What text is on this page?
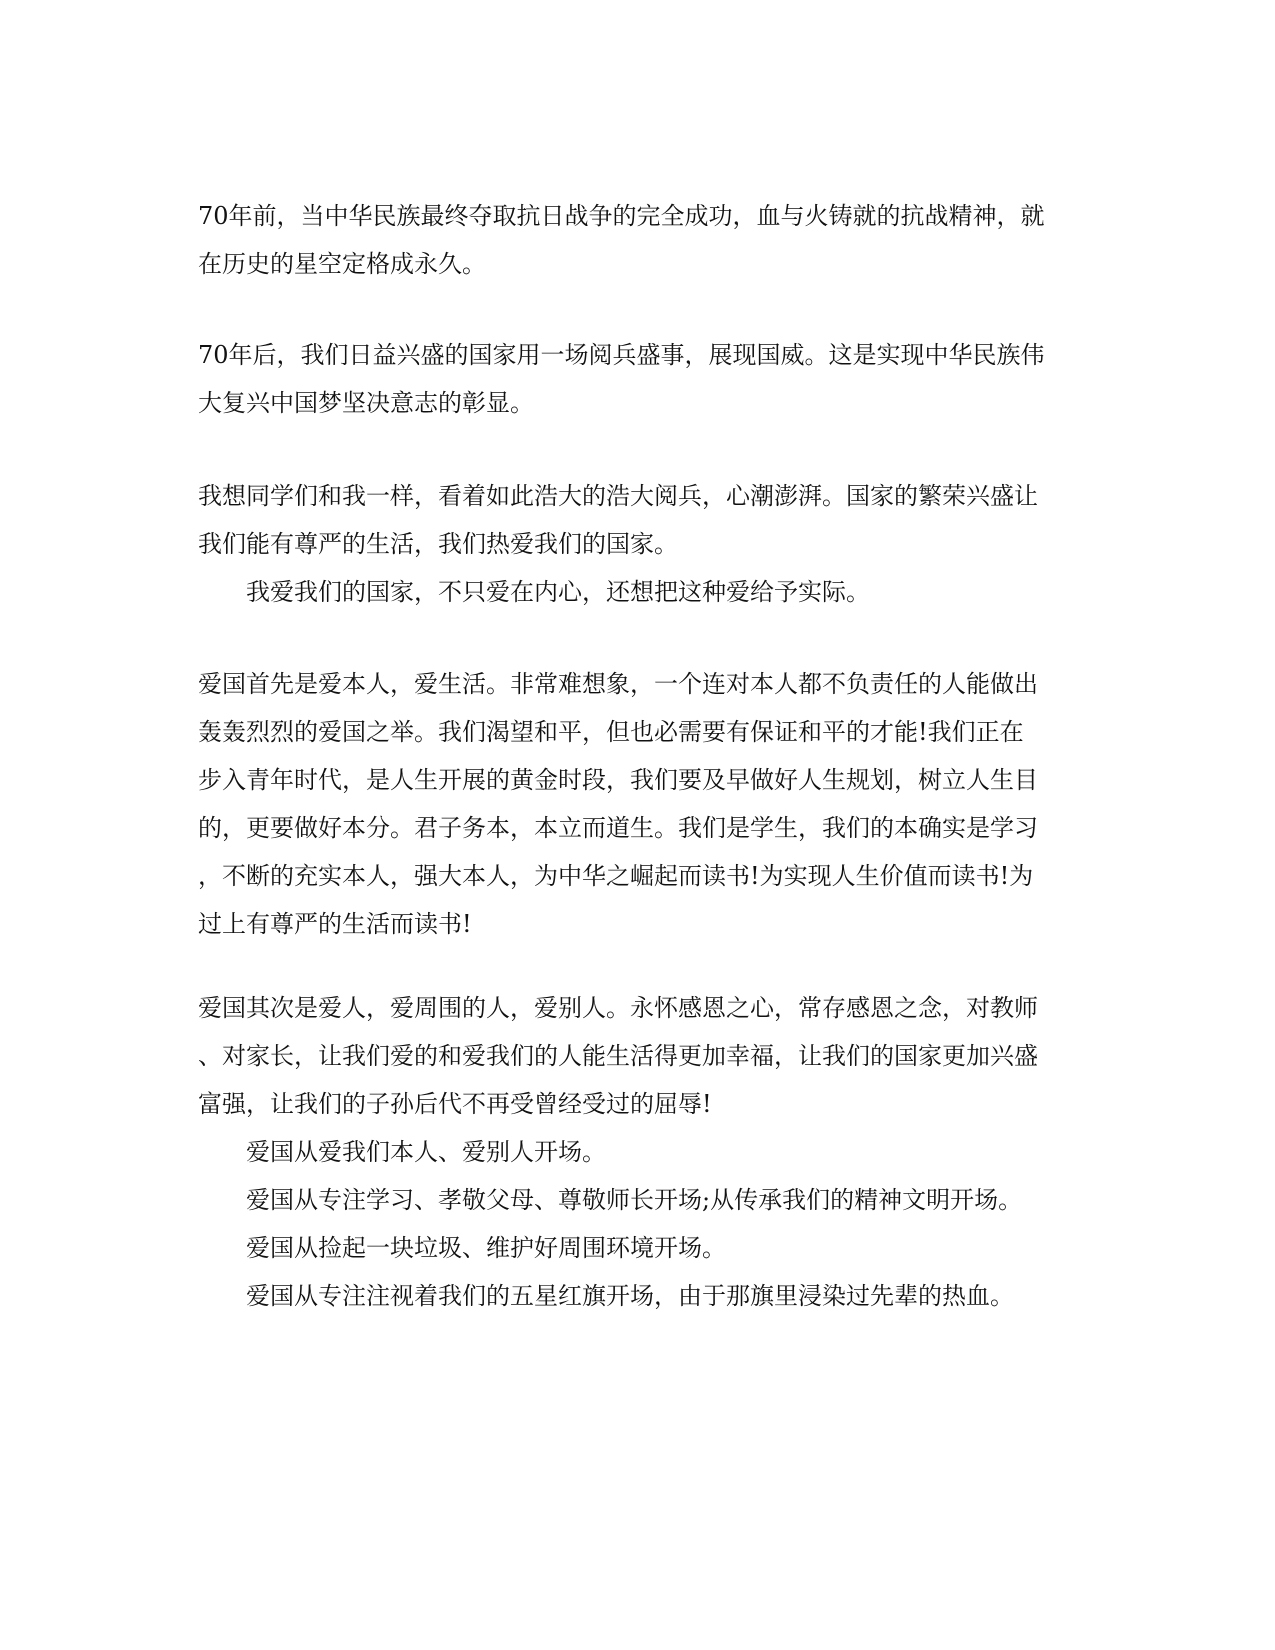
70年前，当中华民族最终夺取抗日战争的完全成功，血与火铸就的抗战精神，就
在历史的星空定格成永久。
70年后，我们日益兴盛的国家用一场阅兵盛事，展现国威。这是实现中华民族伟
大复兴中国梦坚决意志的彰显。
我想同学们和我一样，看着如此浩大的浩大阅兵，心潮澎湃。国家的繁荣兴盛让
我们能有尊严的生活，我们热爱我们的国家。
我爱我们的国家，不只爱在内心，还想把这种爱给予实际。
爱国首先是爱本人，爱生活。非常难想象，一个连对本人都不负责任的人能做出
轰轰烈烈的爱国之举。我们渴望和平，但也必需要有保证和平的才能!我们正在
步入青年时代，是人生开展的黄金时段，我们要及早做好人生规划，树立人生目
的，更要做好本分。君子务本，本立而道生。我们是学生，我们的本确实是学习
，不断的充实本人，强大本人，为中华之崛起而读书!为实现人生价值而读书!为
过上有尊严的生活而读书!
爱国其次是爱人，爱周围的人，爱别人。永怀感恩之心，常存感恩之念，对教师
、对家长，让我们爱的和爱我们的人能生活得更加幸福，让我们的国家更加兴盛
富强，让我们的子孙后代不再受曾经受过的屈辱!
爱国从爱我们本人、爱别人开场。
爱国从专注学习、孝敬父母、尊敬师长开场;从传承我们的精神文明开场。
爱国从捡起一块垃圾、维护好周围环境开场。
爱国从专注注视着我们的五星红旗开场，由于那旗里浸染过先辈的热血。
